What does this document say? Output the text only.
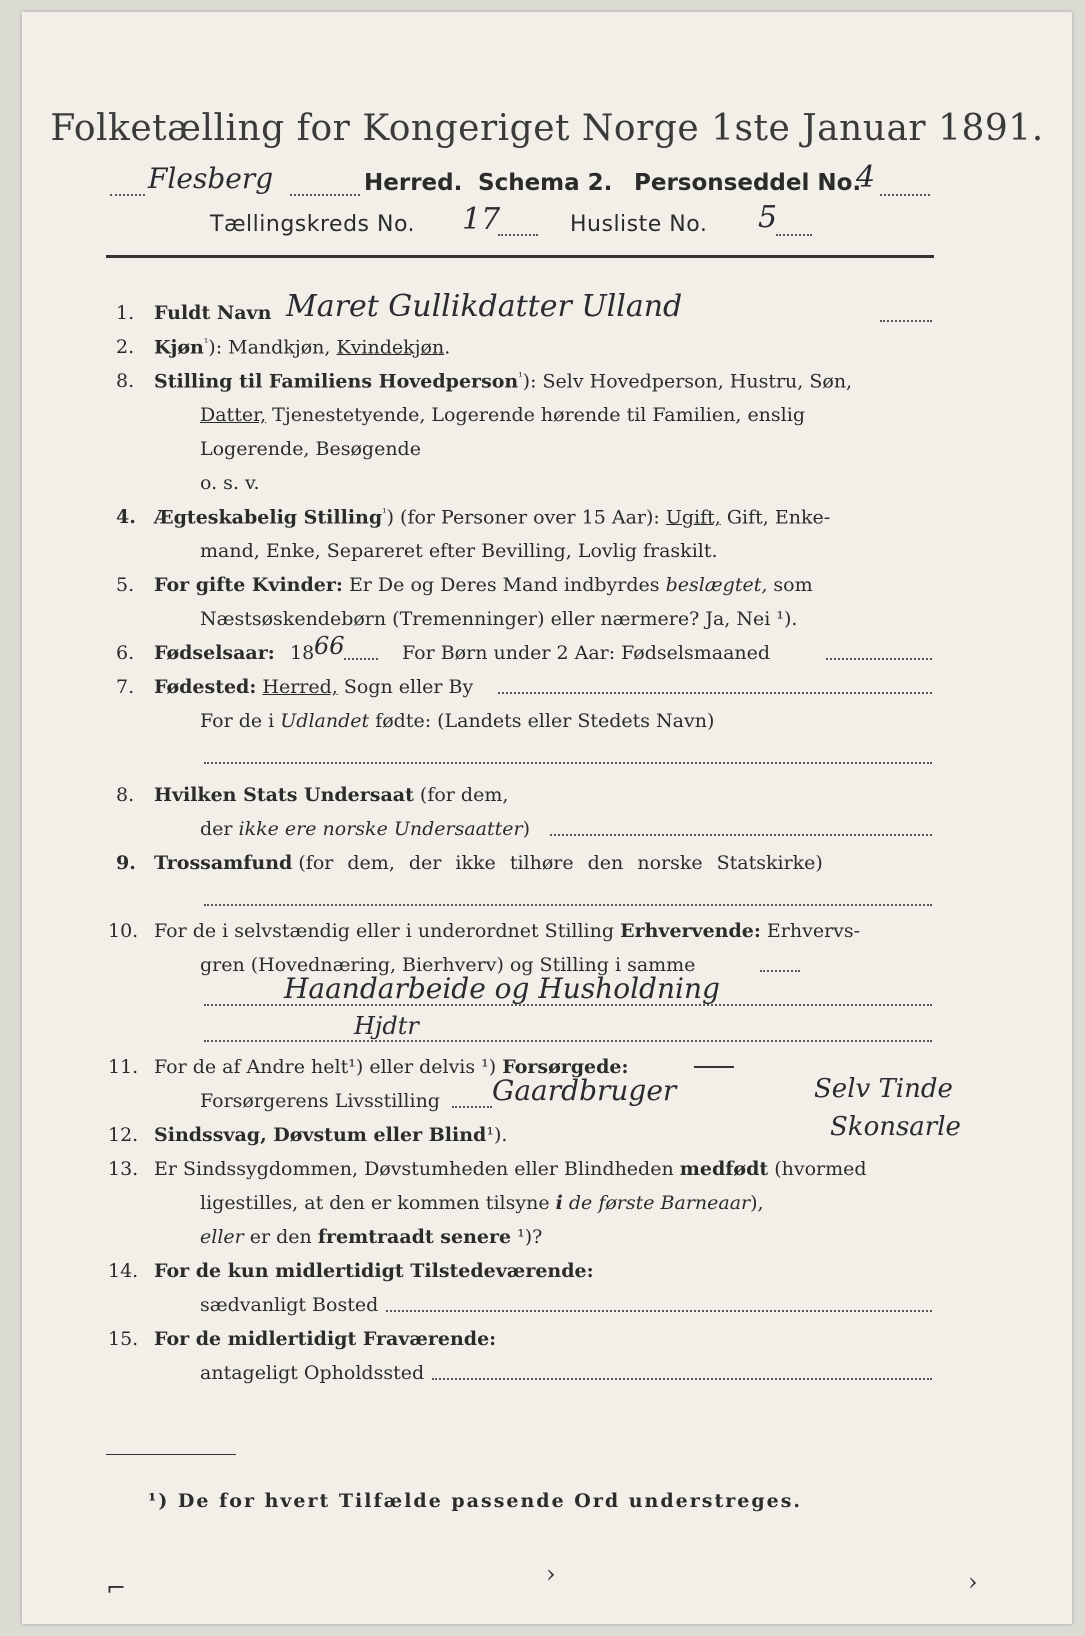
Folketælling for Kongeriget Norge 1ste Januar 1891.
Flesberg	Herred. Schema 2. Personseddel No.
4
Tællingskreds No. 17	Husliste No. 5
1. Fuldt Navn Maret Gullikdatter Ulland
2. Kjøn$^{^1}$): Mandkjøn, Kvindekjøn.
8. Stilling til Familiens Hovedperson$^{^1}$): Selv Hovedperson, Hustru, Søn,
Datter, Tjenestetyende, Logerende hørende til Familien, enslig
Logerende, Besøgende
o. s. v.
4. Ægteskabelig Stilling$^{^1}$) (for Personer over 15 Aar): Ugift, Gift, Enke-
mand, Enke, Separeret efter Bevilling, Lovlig fraskilt.
5. For gifte Kvinder: Er De og Deres Mand indbyrdes beslægtet, som
Næstsøskendebørn (Tremenninger) eller nærmere? Ja, Nei ¹).
6. Fødselsaar: 18 66	For Børn under 2 Aar: Fødselsmaaned
7. Fødested: Herred, Sogn eller By
For de i Udlandet fødte: (Landets eller Stedets Navn)
8. Hvilken Stats Undersaat (for dem,
der ikke ere norske Undersaatter)
9. Trossamfund (for dem, der ikke tilhøre den norske Statskirke)
10. For de i selvstændig eller i underordnet Stilling Erhvervende: Erhvervs-
gren (Hovednæring, Bierhverv) og Stilling i samme
Haandarbeide og Husholdning
Hjdtr
11. For de af Andre helt¹) eller delvis ¹) Forsørgede:
Forsørgerens Livsstilling Gaardbruger	Selv Tinde
Skonsarle
12. Sindssvag, Døvstum eller Blind¹).
13. Er Sindssygdommen, Døvstumheden eller Blindheden medfødt (hvormed
ligestilles, at den er kommen tilsyne i de første Barneaar),
eller er den fremtraadt senere ¹)?
14. For de kun midlertidigt Tilstedeværende:
sædvanligt Bosted
15. For de midlertidigt Fraværende:
antageligt Opholdssted
¹) De for hvert Tilfælde passende Ord understreges.
⌐	›	›
